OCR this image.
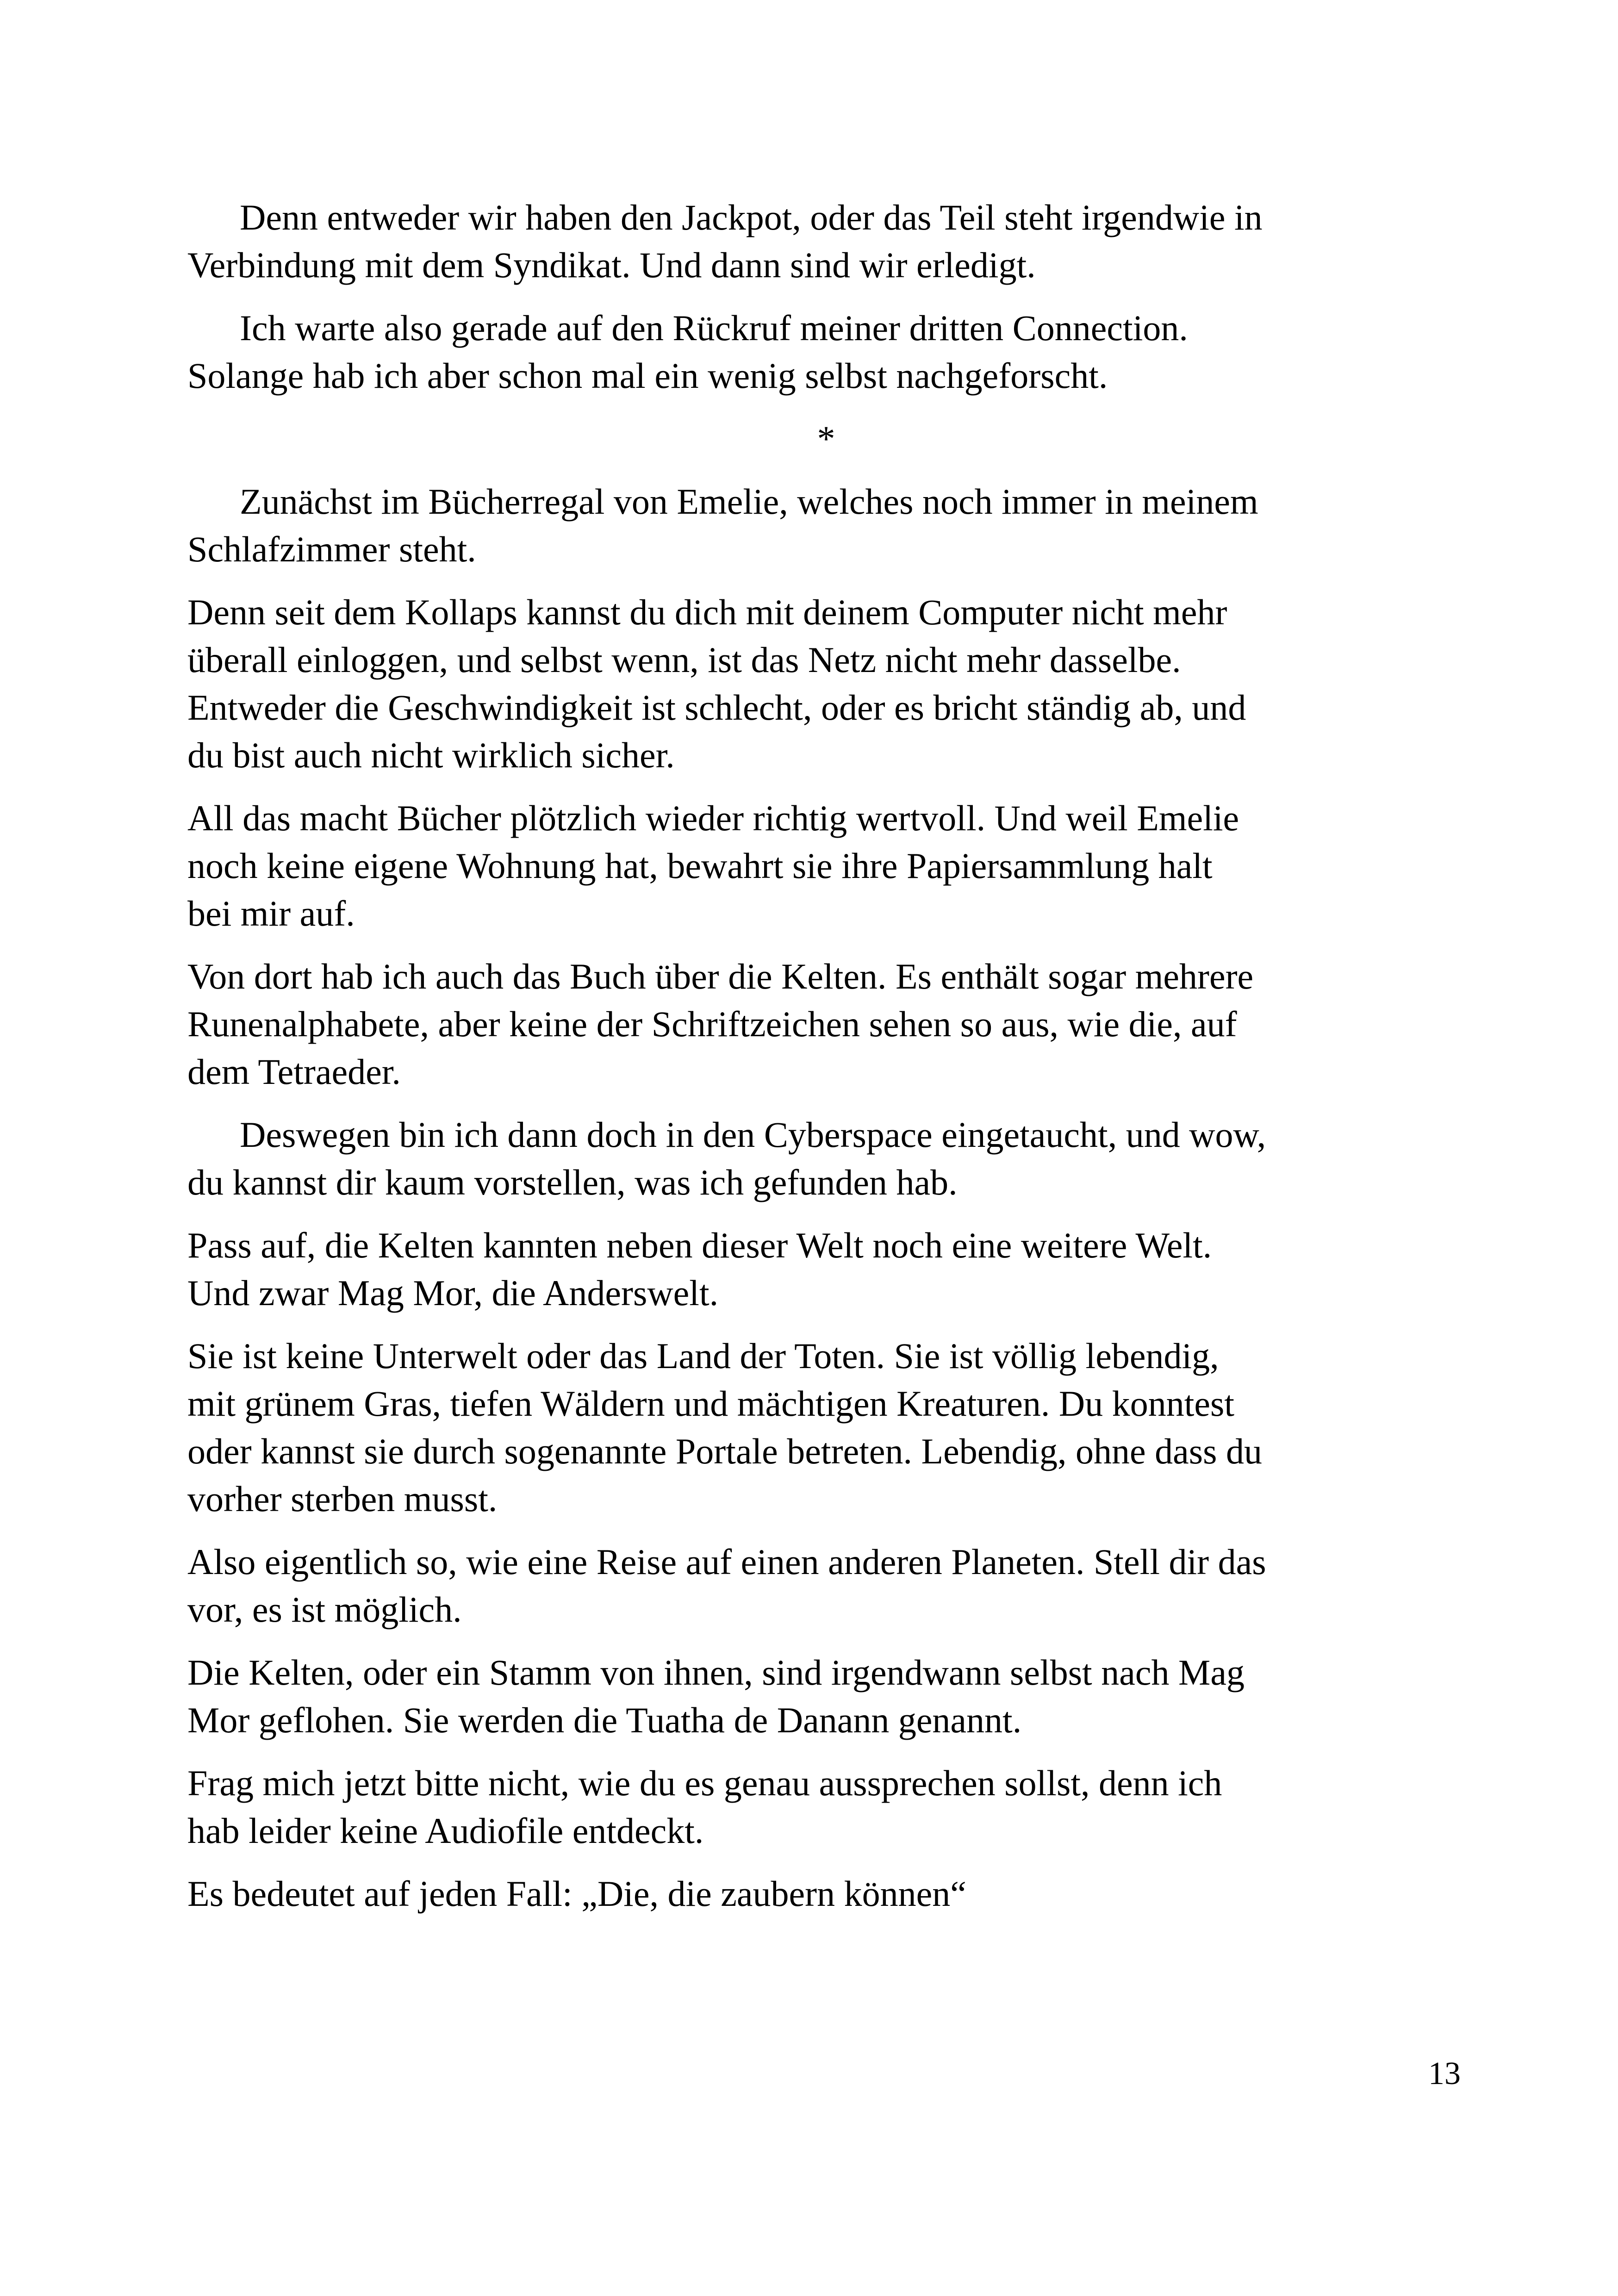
Denn entweder wir haben den Jackpot, oder das Teil steht irgendwie in
Verbindung mit dem Syndikat. Und dann sind wir erledigt.

Ich warte also gerade auf den Rückruf meiner dritten Connection.
Solange hab ich aber schon mal ein wenig selbst nachgeforscht.

*

Zunächst im Bücherregal von Emelie, welches noch immer in meinem
Schlafzimmer steht.

Denn seit dem Kollaps kannst du dich mit deinem Computer nicht mehr
überall einloggen, und selbst wenn, ist das Netz nicht mehr dasselbe.
Entweder die Geschwindigkeit ist schlecht, oder es bricht ständig ab, und
du bist auch nicht wirklich sicher.

All das macht Bücher plötzlich wieder richtig wertvoll. Und weil Emelie
noch keine eigene Wohnung hat, bewahrt sie ihre Papiersammlung halt
bei mir auf.

Von dort hab ich auch das Buch über die Kelten. Es enthält sogar mehrere
Runenalphabete, aber keine der Schriftzeichen sehen so aus, wie die, auf
dem Tetraeder.

Deswegen bin ich dann doch in den Cyberspace eingetaucht, und wow,
du kannst dir kaum vorstellen, was ich gefunden hab.

Pass auf, die Kelten kannten neben dieser Welt noch eine weitere Welt.
Und zwar Mag Mor, die Anderswelt.

Sie ist keine Unterwelt oder das Land der Toten. Sie ist völlig lebendig,
mit grünem Gras, tiefen Wäldern und mächtigen Kreaturen. Du konntest
oder kannst sie durch sogenannte Portale betreten. Lebendig, ohne dass du
vorher sterben musst.

Also eigentlich so, wie eine Reise auf einen anderen Planeten. Stell dir das
vor, es ist möglich.

Die Kelten, oder ein Stamm von ihnen, sind irgendwann selbst nach Mag
Mor geflohen. Sie werden die Tuatha de Danann genannt.

Frag mich jetzt bitte nicht, wie du es genau aussprechen sollst, denn ich
hab leider keine Audiofile entdeckt.

Es bedeutet auf jeden Fall: „Die, die zaubern können“

13
